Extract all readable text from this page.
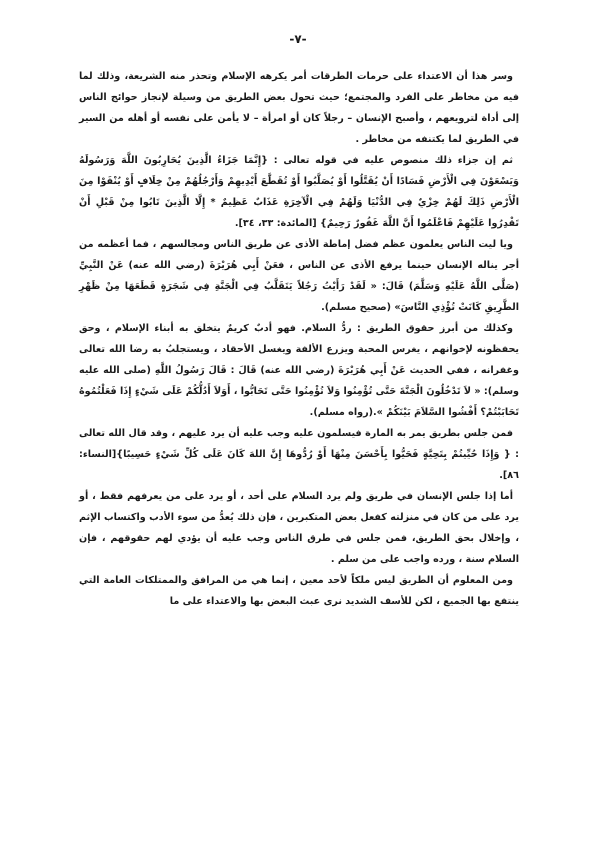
-٧-

وسر هذا أن الاعتداء على حرمات الطرقات أمر يكرهه الإسلام وتحذر منه الشريعة، وذلك لما فيه من مخاطر على الفرد والمجتمع؛ حيث تحول بعض الطريق من وسيلة لإنجاز حوائج الناس إلى أداة لترويعهم ، وأصبح الإنسان – رجلاً كان أو امرأة – لا يأمن على نفسه أو أهله من السير في الطريق لما يكتنفه من مخاطر .

ثم إن جزاء ذلك منصوص عليه في قوله تعالى : {إِنَّمَا جَزَاءُ الَّذِينَ يُحَارِبُونَ اللَّهَ وَرَسُولَهُ وَيَسْعَوْنَ فِي الْأَرْضِ فَسَادًا أَنْ يُقَتَّلُوا أَوْ يُصَلَّبُوا أَوْ تُقَطَّعَ أَيْدِيهِمْ وَأَرْجُلُهُمْ مِنْ خِلَافٍ أَوْ يُنْفَوْا مِنَ الْأَرْضِ ذَلِكَ لَهُمْ خِزْيٌ فِي الدُّنْيَا وَلَهُمْ فِي الْآخِرَةِ عَذَابٌ عَظِيمٌ * إِلَّا الَّذِينَ تَابُوا مِنْ قَبْلِ أَنْ تَقْدِرُوا عَلَيْهِمْ فَاعْلَمُوا أَنَّ اللَّهَ غَفُورٌ رَحِيمٌ} [المائدة: ٣٣، ٣٤].

ويا ليت الناس يعلمون عظم فضل إماطة الأذى عن طريق الناس ومجالسهم ، فما أعظمه من أجر يناله الإنسان حينما يرفع الأذى عن الناس ، فعَنْ أَبِي هُرَيْرَةَ (رضي الله عنه) عَنْ النَّبِيِّ (صَلَّى اللَّهُ عَلَيْهِ وَسَلَّمَ) قَالَ: « لَقَدْ رَأَيْتُ رَجُلاً يَتَقَلَّبُ فِي الْجَنَّةِ فِي شَجَرَةٍ قَطَعَهَا مِنْ ظَهْرِ الطَّرِيقِ كَانَتْ تُؤْذِي النَّاسَ» (صحيح مسلم).

وكذلك من أبرز حقوق الطريق : ردُّ السلام. فهو أدبٌ كريمٌ يتخلق به أبناء الإسلام ، وحق يحفظونه لإخوانهم ، يغرس المحبة ويزرع الألفة ويغسل الأحقاد ، ويستجلبُ به رضا الله تعالى وغفرانه ، ففي الحديث عَنْ أَبِي هُرَيْرَةَ (رضي الله عنه) قَالَ : قَالَ رَسُولُ اللَّهِ (صلى الله عليه وسلم): « لاَ تَدْخُلُونَ الْجَنَّةَ حَتَّى تُؤْمِنُوا وَلاَ تُؤْمِنُوا حَتَّى تَحَابُّوا ، أَوَلاَ أَدُلُّكُمْ عَلَى شَيْءٍ إِذَا فَعَلْتُمُوهُ تَحَابَبْتُمْ؟ أَفْشُوا السَّلاَمَ بَيْنَكُمْ ».(رواه مسلم).

فمن جلس بطريق يمر به المارة فيسلمون عليه وجب عليه أن يرد عليهم ، وقد قال الله تعالى : { وَإِذَا حُيِّيتُمْ بِتَحِيَّةٍ فَحَيُّوا بِأَحْسَنَ مِنْهَا أَوْ رُدُّوهَا إِنَّ اللهَ كَانَ عَلَى كُلِّ شَيْءٍ حَسِيبًا}[النساء: ٨٦].

أما إذا جلس الإنسان في طريق ولم يرد السلام على أحد ، أو يرد على من يعرفهم فقط ، أو يرد على من كان في منزلته كفعل بعض المتكبرين ، فإن ذلك يُعدُّ من سوء الأدب واكتساب الإثم ، وإخلال بحق الطريق، فمن جلس في طرق الناس وجب عليه أن يؤدي لهم حقوقهم ، فإن السلام سنة ، ورده واجب على من سلم .

ومن المعلوم أن الطريق ليس ملكاً لأحد معين ، إنما هي من المرافق والممتلكات العامة التي ينتفع بها الجميع ، لكن للأسف الشديد نرى عبث البعض بها والاعتداء على ما
